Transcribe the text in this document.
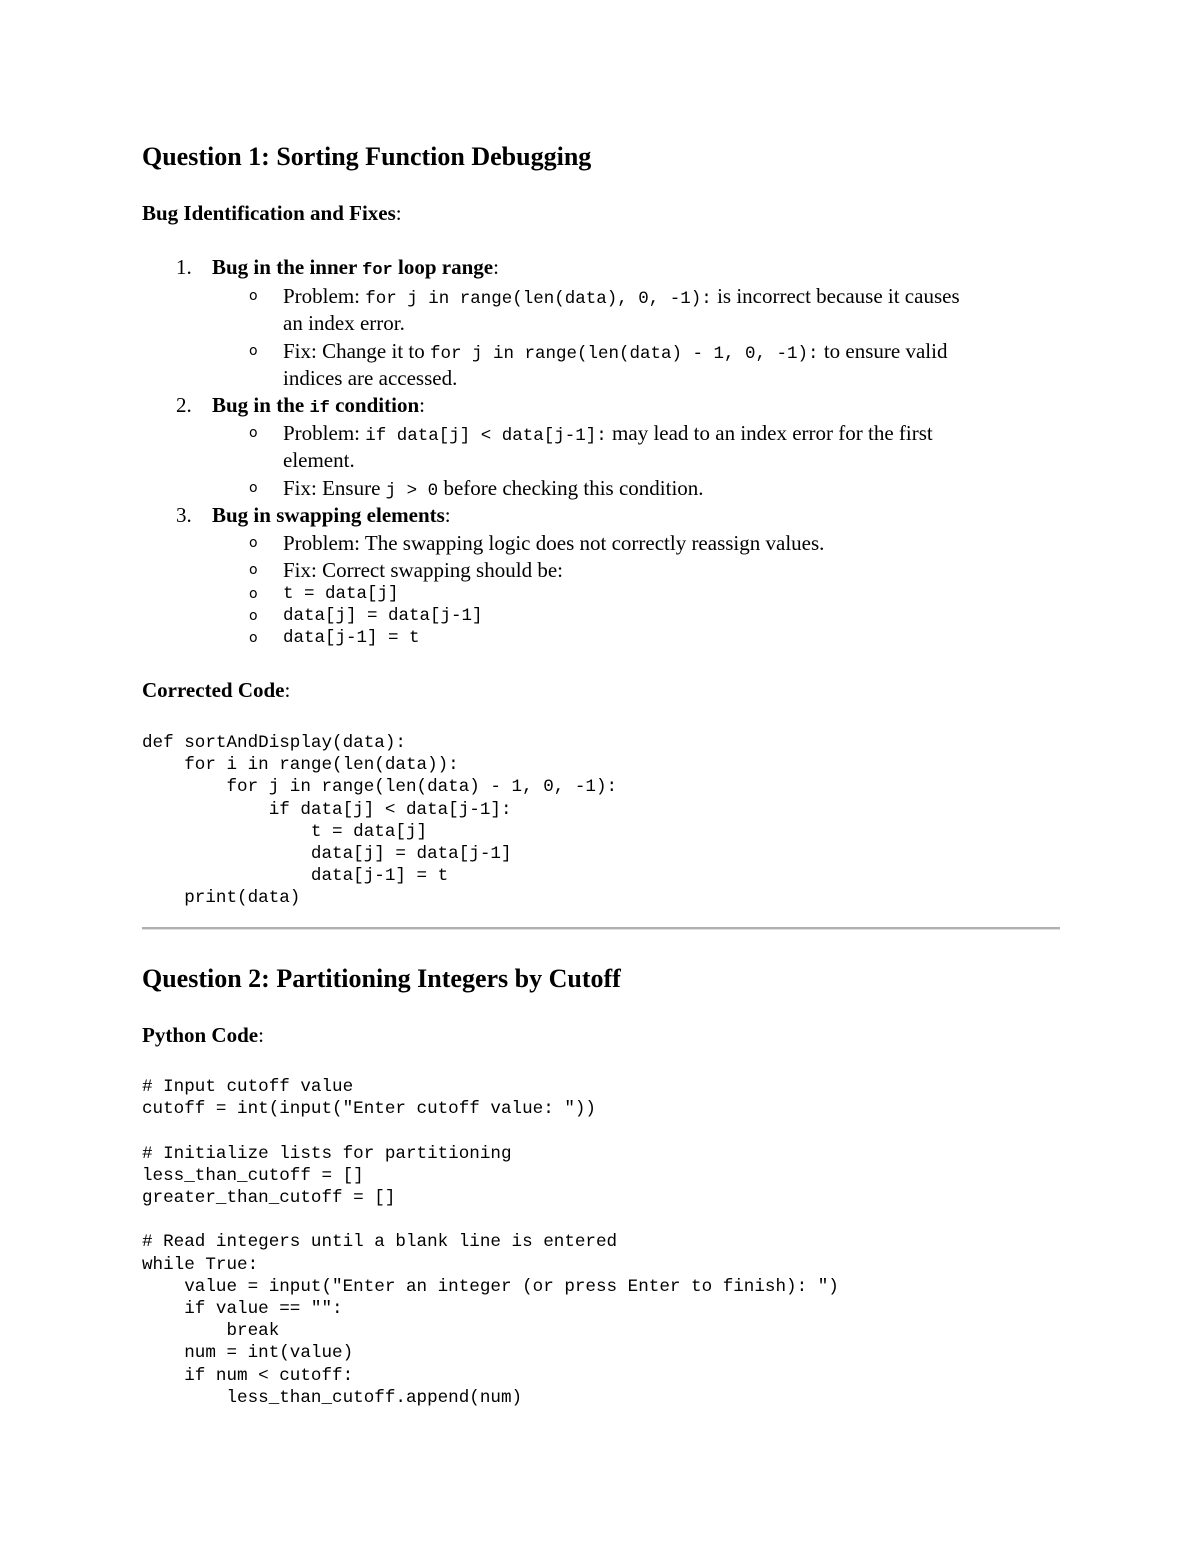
Question 1: Sorting Function Debugging
Bug Identification and Fixes:
1. Bug in the inner for loop range:
o Problem: for j in range(len(data), 0, -1): is incorrect because it causes
an index error.
o Fix: Change it to for j in range(len(data) - 1, 0, -1): to ensure valid
indices are accessed.
2. Bug in the if condition:
o Problem: if data[j] < data[j-1]: may lead to an index error for the first
element.
o Fix: Ensure j > 0 before checking this condition.
3. Bug in swapping elements:
o Problem: The swapping logic does not correctly reassign values.
o Fix: Correct swapping should be:
o t = data[j]
o data[j] = data[j-1]
o data[j-1] = t
Corrected Code:
def sortAndDisplay(data):
for i in range(len(data)):
for j in range(len(data) - 1, 0, -1):
if data[j] < data[j-1]:
t = data[j]
data[j] = data[j-1]
data[j-1] = t
print(data)
Question 2: Partitioning Integers by Cutoff
Python Code:
# Input cutoff value
cutoff = int(input("Enter cutoff value: "))

# Initialize lists for partitioning
less_than_cutoff = []
greater_than_cutoff = []

# Read integers until a blank line is entered
while True:
value = input("Enter an integer (or press Enter to finish): ")
if value == "":
break
num = int(value)
if num < cutoff:
less_than_cutoff.append(num)
